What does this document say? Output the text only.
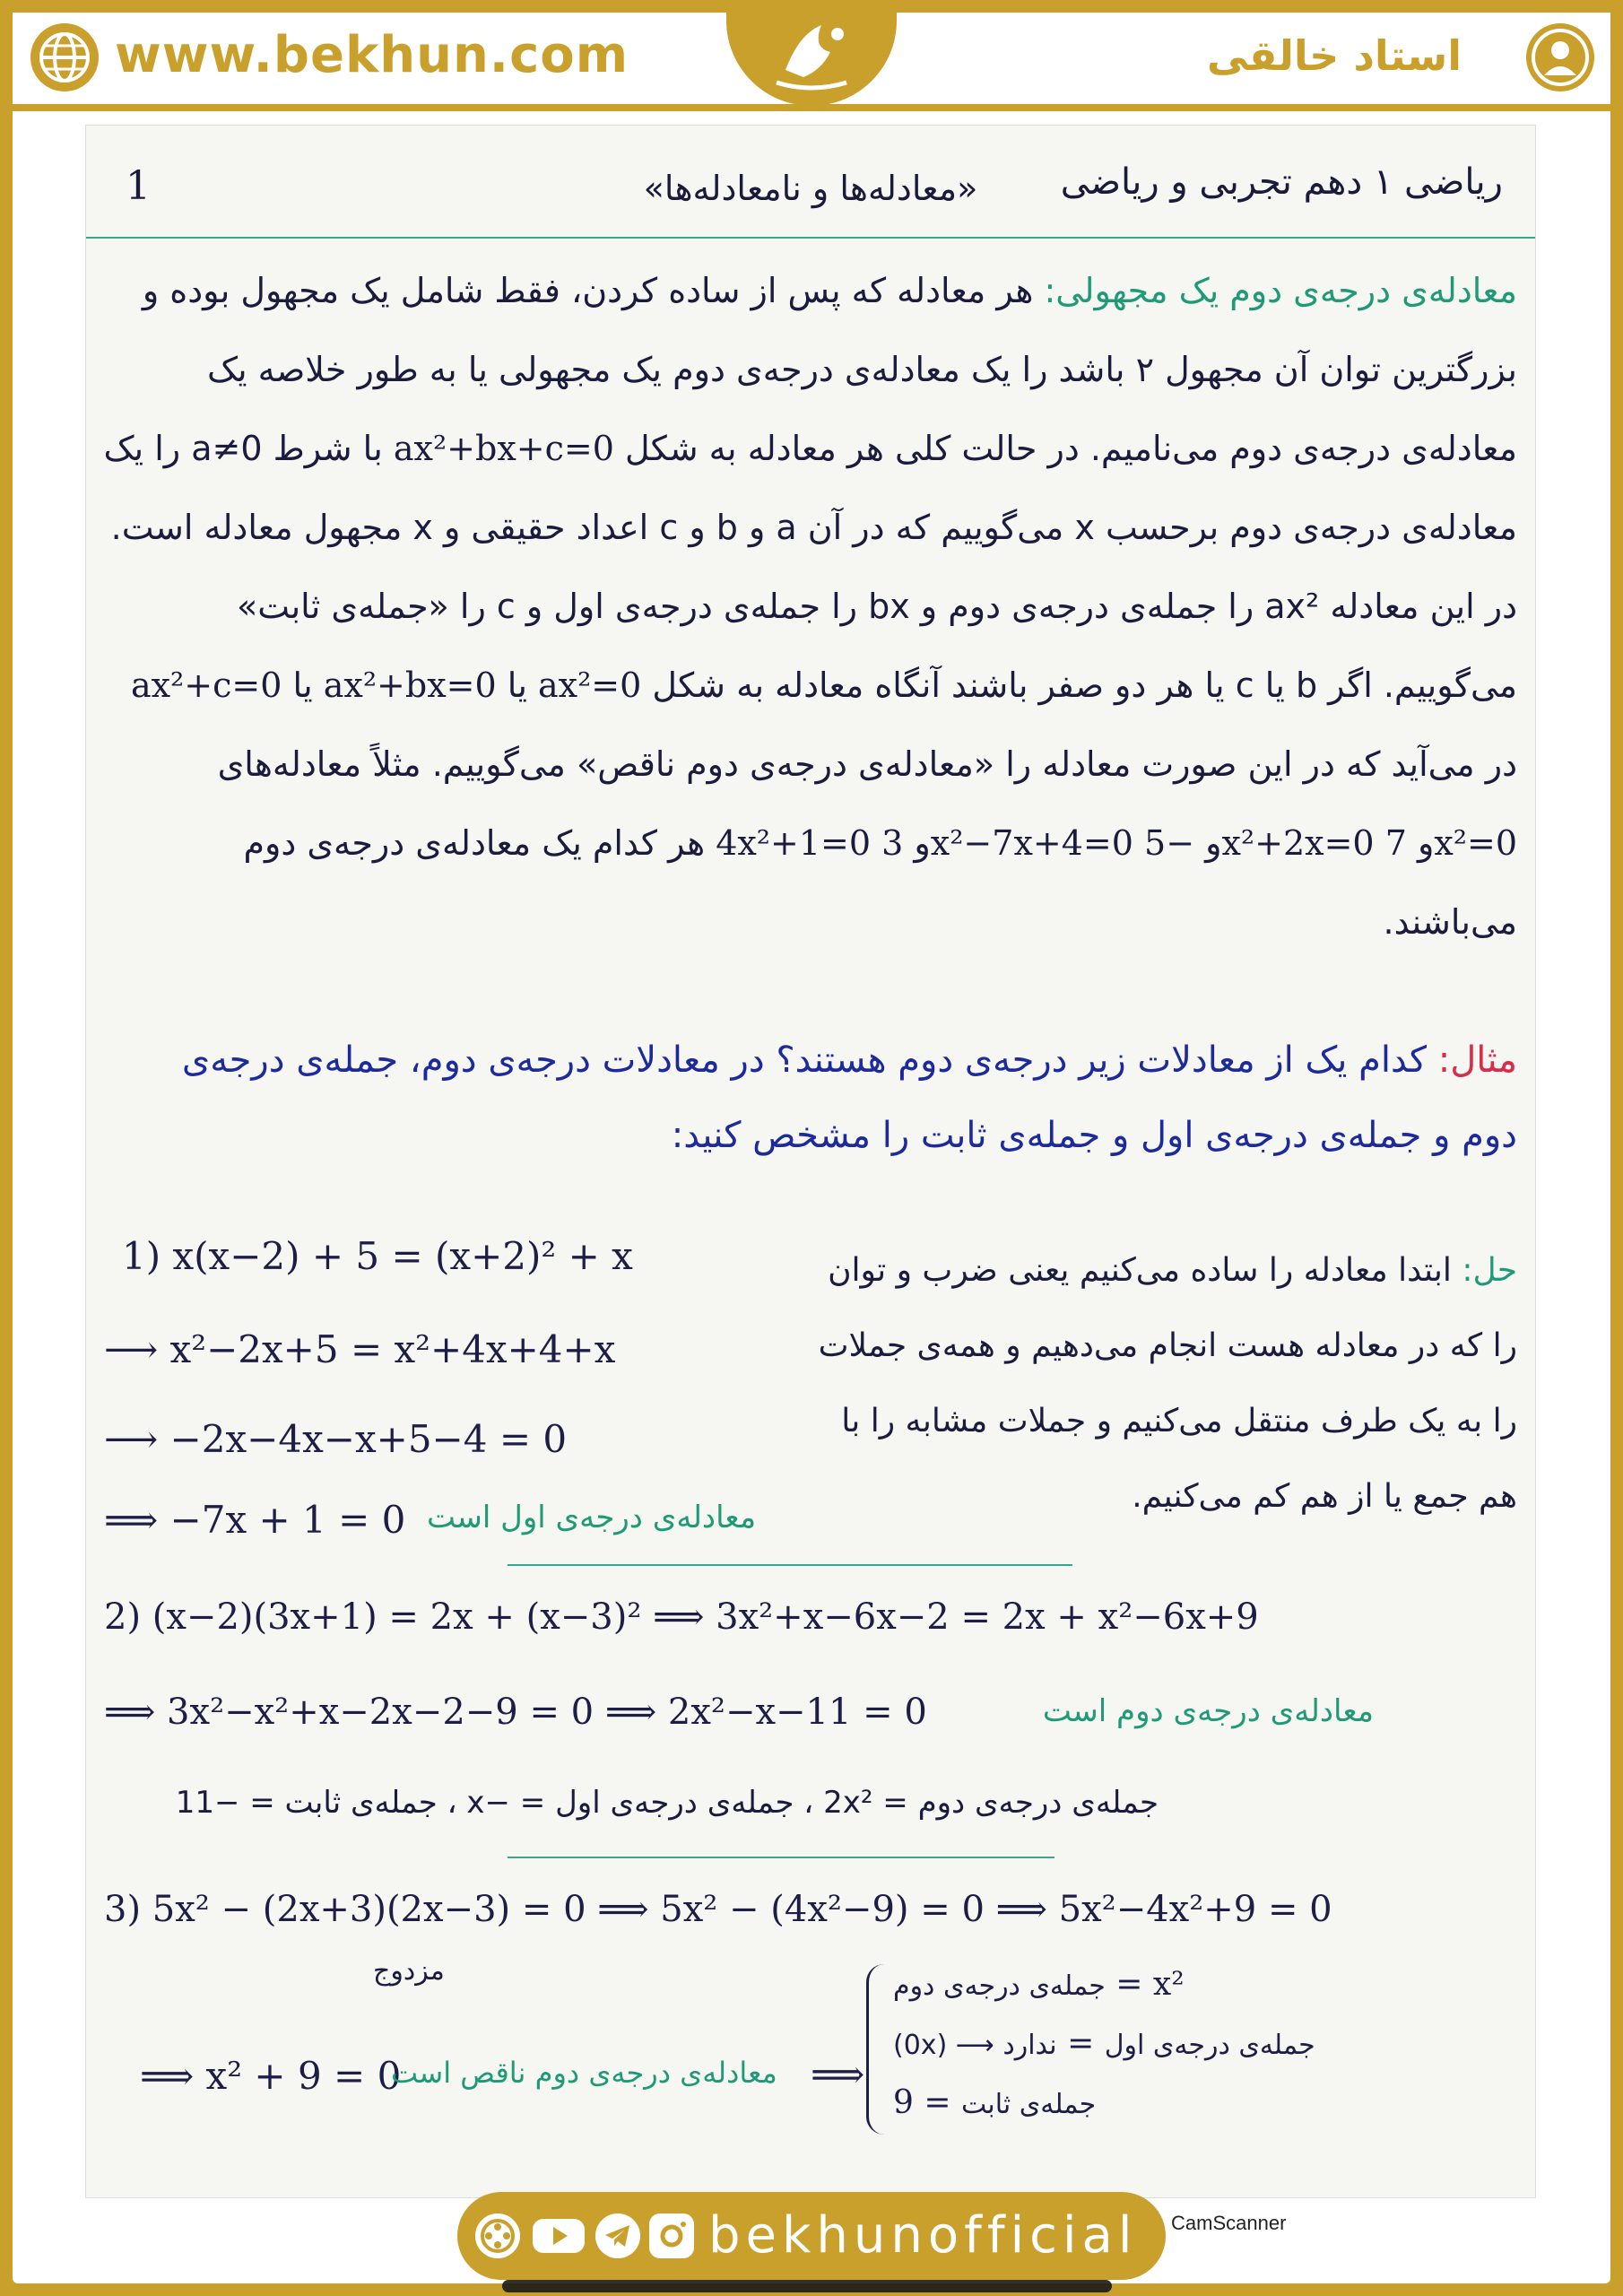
www.bekhun.com	استاد خالقی
1	«معادله‌ها و نامعادله‌ها»	ریاضی ۱ دهم تجربی و ریاضی
معادله‌ی درجه‌ی دوم یک مجهولی: هر معادله که پس از ساده کردن، فقط شامل یک مجهول بوده و بزرگترین توان آن مجهول ۲ باشد را یک معادله‌ی درجه‌ی دوم یک مجهولی یا به طور خلاصه یک معادله‌ی درجه‌ی دوم می‌نامیم. در حالت کلی هر معادله به شکل ax²+bx+c=0 با شرط a≠0 را یک معادله‌ی درجه‌ی دوم برحسب x می‌گوییم که در آن a و b و c اعداد حقیقی و x مجهول معادله است. در این معادله ax² را جمله‌ی درجه‌ی دوم و bx را جمله‌ی درجه‌ی اول و c را «جمله‌ی ثابت» می‌گوییم. اگر b یا c یا هر دو صفر باشند آنگاه معادله به شکل ax²+c=0 یا ax²+bx=0 یا ax²=0 در می‌آید که در این صورت معادله را «معادله‌ی درجه‌ی دوم ناقص» می‌گوییم. مثلاً معادله‌های 4x²+1=0 و 3x²−7x+4=0 و −5x²+2x=0 و 7x²=0 هر کدام یک معادله‌ی درجه‌ی دوم می‌باشند.
مثال: کدام یک از معادلات زیر درجه‌ی دوم هستند؟ در معادلات درجه‌ی دوم، جمله‌ی درجه‌ی دوم و جمله‌ی درجه‌ی اول و جمله‌ی ثابت را مشخص کنید:
حل: ابتدا معادله را ساده می‌کنیم یعنی ضرب و توان را که در معادله هست انجام می‌دهیم و همه‌ی جملات را به یک طرف منتقل می‌کنیم و جملات مشابه را با هم جمع یا از هم کم می‌کنیم.
1) x(x−2) + 5 = (x+2)² + x
⟶ x²−2x+5 = x²+4x+4+x
⟶ −2x−4x−x+5−4 = 0
⟹ −7x + 1 = 0 معادله‌ی درجه‌ی اول است
2) (x−2)(3x+1) = 2x + (x−3)² ⟹ 3x²+x−6x−2 = 2x + x²−6x+9
⟹ 3x²−x²+x−2x−2−9 = 0 ⟹ 2x²−x−11 = 0	معادله‌ی درجه‌ی دوم است
جمله‌ی درجه‌ی دوم = 2x² ، جمله‌ی درجه‌ی اول = −x ، جمله‌ی ثابت = −11
3) 5x² − (2x+3)(2x−3) = 0 ⟹ 5x² − (4x²−9) = 0 ⟹ 5x²−4x²+9 = 0
مزدوج
⟹ x² + 9 = 0
معادله‌ی درجه‌ی دوم ناقص است ⟹
جمله‌ی درجه‌ی دوم = x²
جمله‌ی درجه‌ی اول = ندارد ⟶ (0x)
جمله‌ی ثابت = 9
CamScanner
bekhunofficial
